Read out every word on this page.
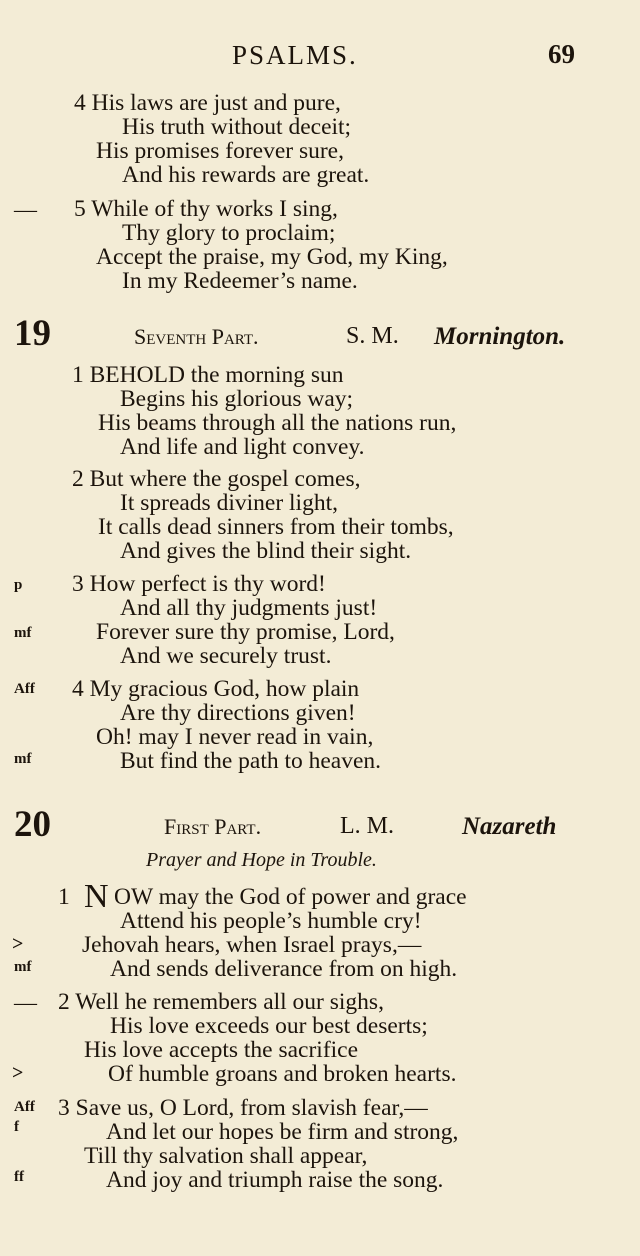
PSALMS.	69
4 His laws are just and pure,
His truth without deceit;
His promises forever sure,
And his rewards are great.
— 5 While of thy works I sing,
Thy glory to proclaim;
Accept the praise, my God, my King,
In my Redeemer’s name.
19	Seventh Part.	S. M. Mornington.
1 BEHOLD the morning sun
Begins his glorious way;
His beams through all the nations run,
And life and light convey.
2 But where the gospel comes,
It spreads diviner light,
It calls dead sinners from their tombs,
And gives the blind their sight.
p 3 How perfect is thy word!
And all thy judgments just!
mf	Forever sure thy promise, Lord,
And we securely trust.
Aff 4 My gracious God, how plain
Are thy directions given!
Oh! may I never read in vain,
mf	But find the path to heaven.
20	First Part.	L. M.	Nazareth
Prayer and Hope in Trouble.
1 N OW may the God of power and grace
Attend his people’s humble cry!
> Jehovah hears, when Israel prays,—
mf	And sends deliverance from on high.
— 2 Well he remembers all our sighs,
His love exceeds our best deserts;
His love accepts the sacrifice
>	Of humble groans and broken hearts.
Aff 3 Save us, O Lord, from slavish fear,—
f	And let our hopes be firm and strong,
Till thy salvation shall appear,
ff	And joy and triumph raise the song.
